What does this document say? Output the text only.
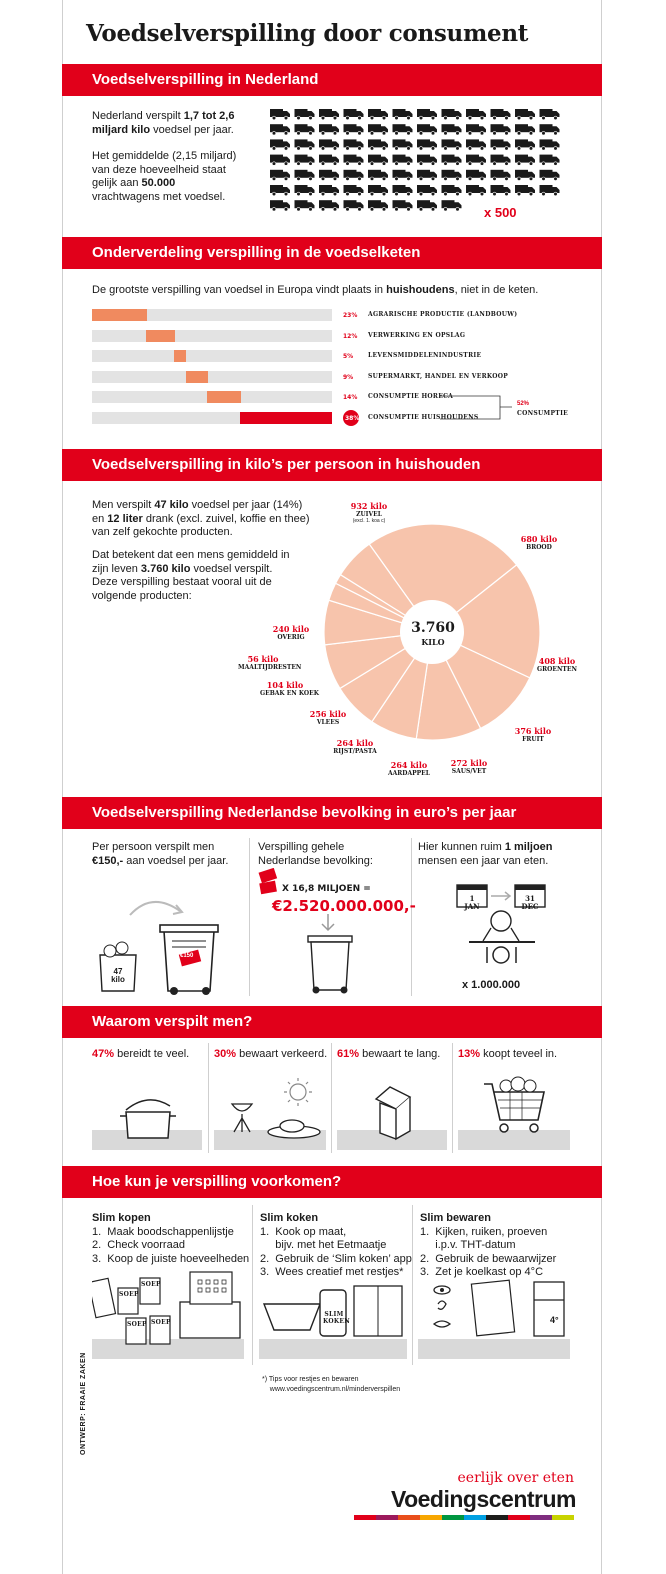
Voedselverspilling door consument
Voedselverspilling in Nederland
Nederland verspilt 1,7 tot 2,6 miljard kilo voedsel per jaar.
Het gemiddelde (2,15 miljard) van deze hoeveelheid staat gelijk aan 50.000 vrachtwagens met voedsel.
x 500
Onderverdeling verspilling in de voedselketen
De grootste verspilling van voedsel in Europa vindt plaats in huishoudens, niet in de keten.
23% AGRARISCHE PRODUCTIE (LANDBOUW)
12% VERWERKING EN OPSLAG
5% LEVENSMIDDELENINDUSTRIE
9% SUPERMARKT, HANDEL EN VERKOOP
14% CONSUMPTIE HORECA
38% CONSUMPTIE HUISHOUDENS
52%
CONSUMPTIE
Voedselverspilling in kilo’s per persoon in huishouden
Men verspilt 47 kilo voedsel per jaar (14%) en 12 liter drank (excl. zuivel, koffie en thee) van zelf gekochte producten.
Dat betekent dat een mens gemiddeld in zijn leven 3.760 kilo voedsel verspilt. Deze verspilling bestaat vooral uit de volgende producten:
3.760
KILO
932 kilo
ZUIVEL
(excl. 1. koa c)
680 kilo
BROOD
408 kilo
GROENTEN
376 kilo
FRUIT
272 kilo
SAUS/VET
264 kilo
AARDAPPEL
264 kilo
RIJST/PASTA
256 kilo
VLEES
104 kilo
GEBAK EN KOEK
56 kilo
MAALTIJDRESTEN
240 kilo
OVERIG
Voedselverspilling Nederlandse bevolking in euro’s per jaar
Per persoon verspilt men €150,- aan voedsel per jaar.
Verspilling gehele Nederlandse bevolking:
Hier kunnen ruim 1 miljoen mensen een jaar van eten.
47
kilo
€150
X 16,8 MILJOEN =
€2.520.000.000,-	1
JAN
31
DEC
x 1.000.000
Waarom verspilt men?
47% bereidt te veel. 30% bewaart verkeerd. 61% bewaart te lang. 13% koopt teveel in.
Hoe kun je verspilling voorkomen?
Slim kopen
1.  Maak boodschappenlijstje
2.  Check voorraad
3.  Koop de juiste hoeveelheden
Slim koken
1.  Kook op maat,
bijv. met het Eetmaatje
2.  Gebruik de ‘Slim koken’ app
3.  Wees creatief met restjes*
Slim bewaren
1.  Kijken, ruiken, proeven
i.p.v. THT-datum
2.  Gebruik de bewaarwijzer
3.  Zet je koelkast op 4°C
SOEP
SOEP
SOEP SOEP
SLIM KOKEN	4°
*) Tips voor restjes en bewaren
www.voedingscentrum.nl/minderverspillen
ONTWERP: FRAAIE ZAKEN
eerlijk over eten
Voedingscentrum
